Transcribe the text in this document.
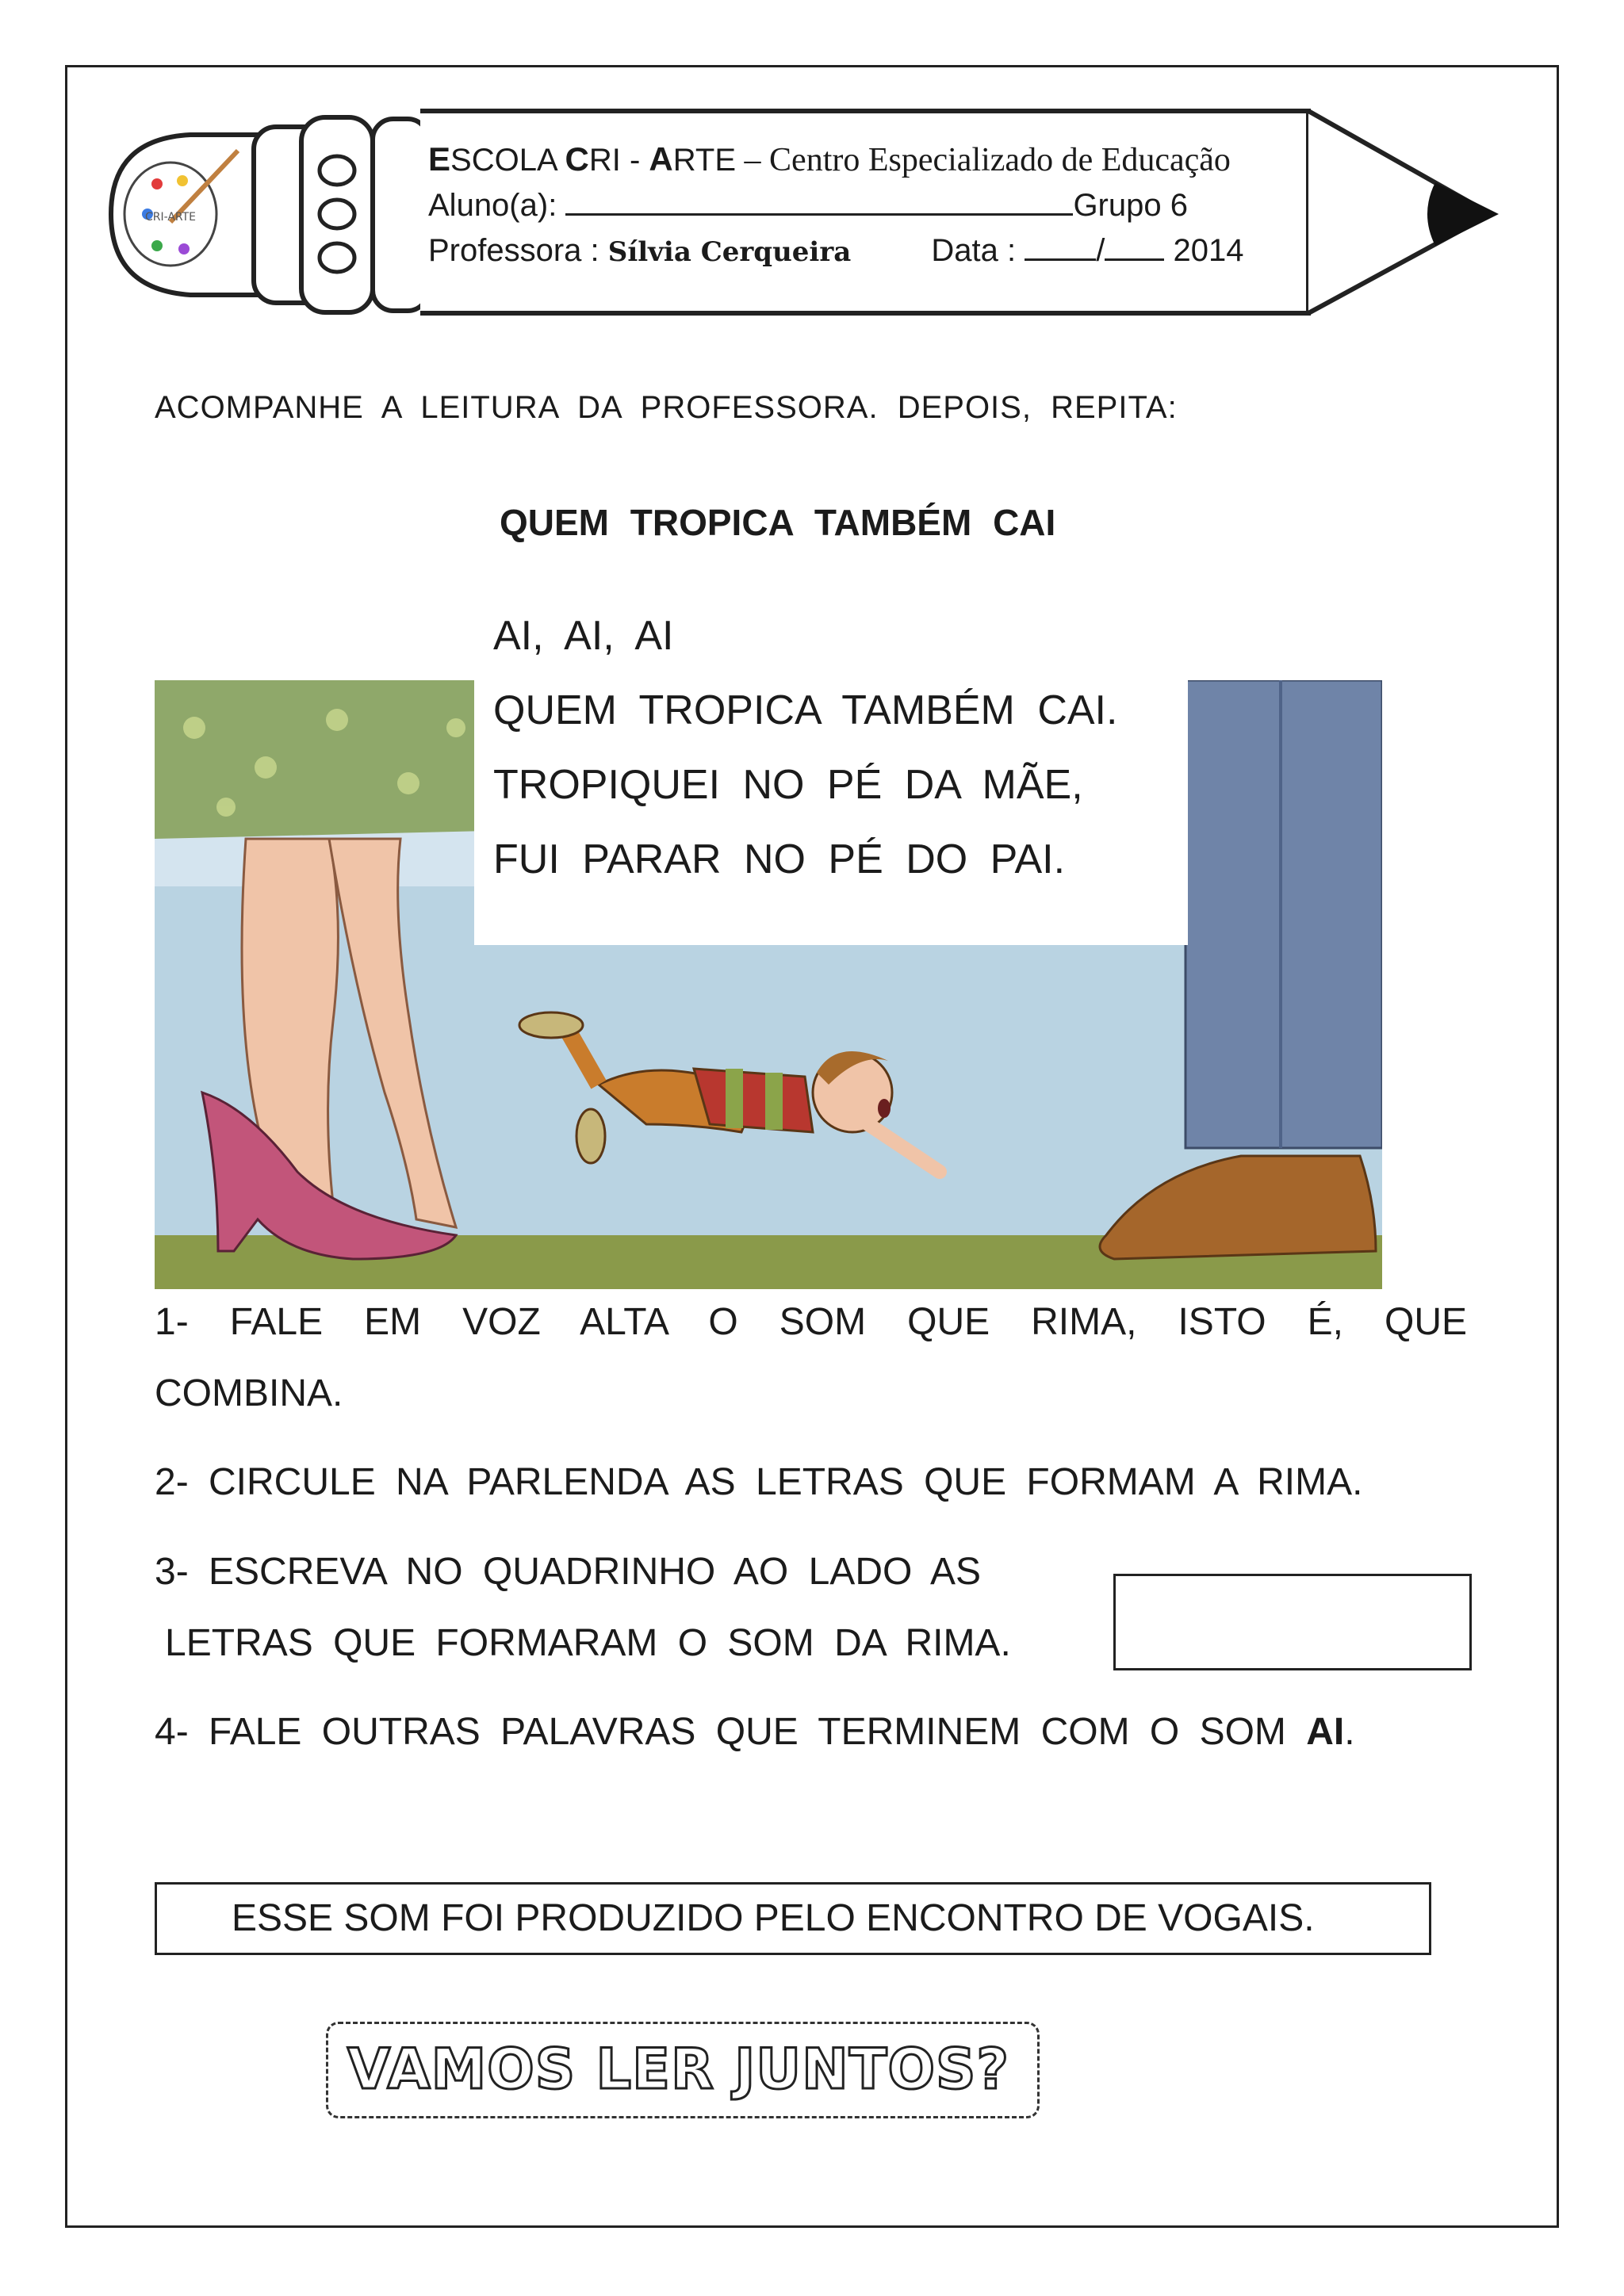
CRI-ARTE
ESCOLA CRI - ARTE – Centro Especializado de Educação
Aluno(a):	Grupo 6
Professora : Sílvia Cerqueira	Data :	/ 2014
ACOMPANHE A LEITURA DA PROFESSORA. DEPOIS, REPITA:
QUEM TROPICA TAMBÉM CAI
AI, AI, AI
QUEM TROPICA TAMBÉM CAI.
TROPIQUEI NO PÉ DA MÃE,
FUI PARAR NO PÉ DO PAI.
1- FALE EM VOZ ALTA O SOM QUE RIMA, ISTO É, QUE
COMBINA.
2- CIRCULE NA PARLENDA AS LETRAS QUE FORMAM A RIMA.
3- ESCREVA NO QUADRINHO AO LADO AS
LETRAS QUE FORMARAM O SOM DA RIMA.
4- FALE OUTRAS PALAVRAS QUE TERMINEM COM O SOM AI.
ESSE SOM FOI PRODUZIDO PELO ENCONTRO DE VOGAIS.
VAMOS LER JUNTOS?
